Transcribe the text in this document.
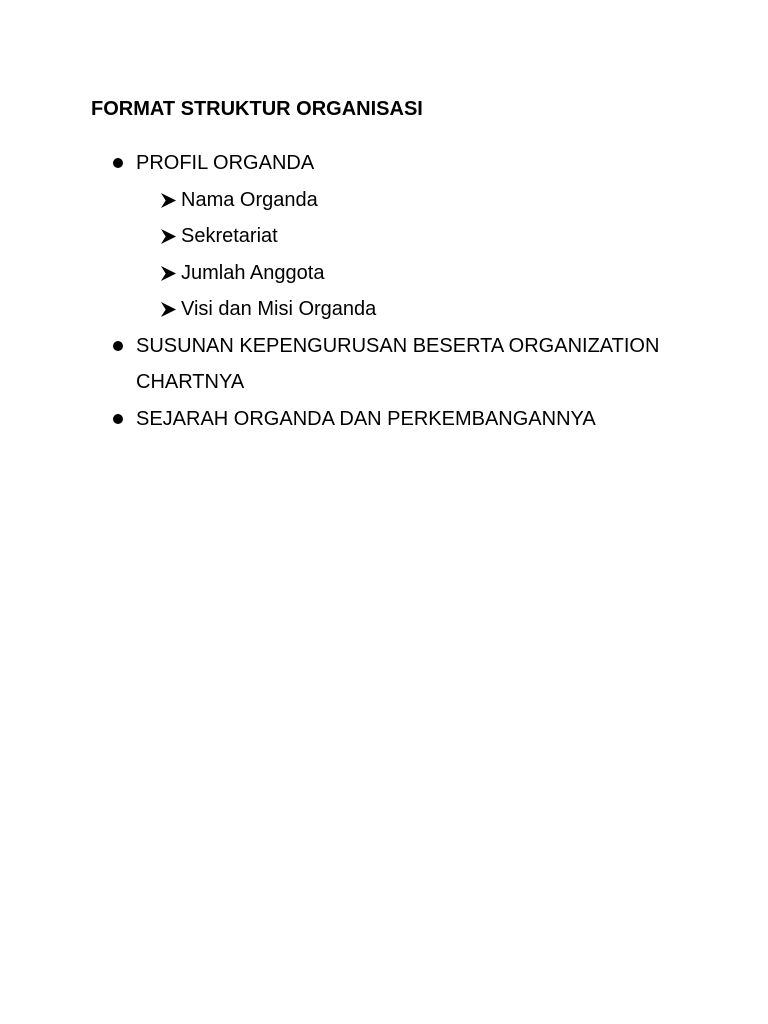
FORMAT STRUKTUR ORGANISASI
PROFIL ORGANDA
Nama Organda
Sekretariat
Jumlah Anggota
Visi dan Misi Organda
SUSUNAN KEPENGURUSAN BESERTA ORGANIZATION CHARTNYA
SEJARAH ORGANDA DAN PERKEMBANGANNYA
